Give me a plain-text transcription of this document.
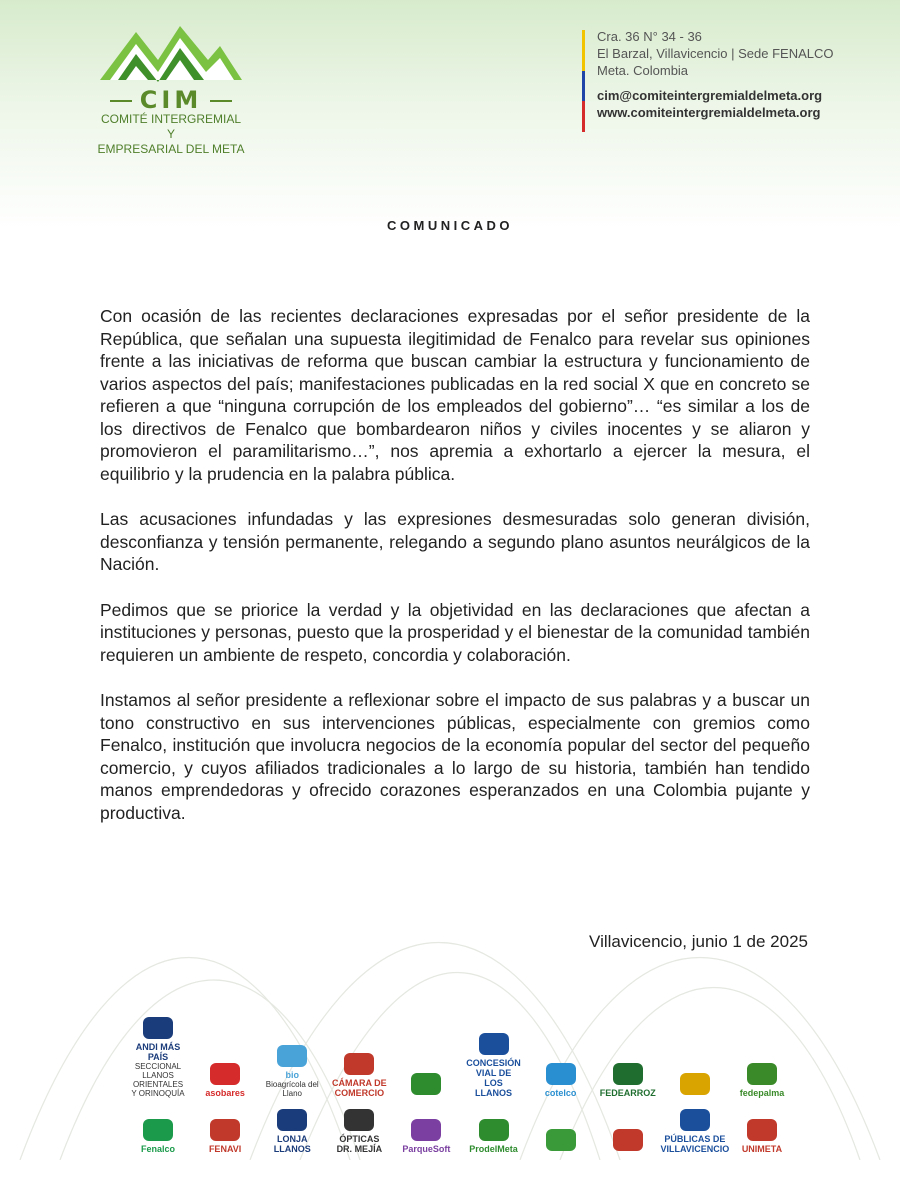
CIM
COMITÉ INTERGREMIAL Y
EMPRESARIAL DEL META
Cra. 36 N° 34 - 36
El Barzal, Villavicencio | Sede FENALCO
Meta. Colombia
cim@comiteintergremialdelmeta.org
www.comiteintergremialdelmeta.org
COMUNICADO

Con ocasión de las recientes declaraciones expresadas por el señor presidente de la República, que señalan una supuesta ilegitimidad de Fenalco para revelar sus opiniones frente a las iniciativas de reforma que buscan cambiar la estructura y funcionamiento de varios aspectos del país; manifestaciones publicadas en la red social X que en concreto se refieren a que “ninguna corrupción de los empleados del gobierno”… “es similar a los de los directivos de Fenalco que bombardearon niños y civiles inocentes y se aliaron y promovieron el paramilitarismo…”, nos apremia a exhortarlo a ejercer la mesura, el equilibrio y la prudencia en la palabra pública.

Las acusaciones infundadas y las expresiones desmesuradas solo generan división, desconfianza y tensión permanente, relegando a segundo plano asuntos neurálgicos de la Nación.

Pedimos que se priorice la verdad y la objetividad en las declaraciones que afectan a instituciones y personas, puesto que la prosperidad y el bienestar de la comunidad también requieren un ambiente de respeto, concordia y colaboración.

Instamos al señor presidente a reflexionar sobre el impacto de sus palabras y a buscar un tono constructivo en sus intervenciones públicas, especialmente con gremios como Fenalco, institución que involucra negocios de la economía popular del sector del pequeño comercio, y cuyos afiliados tradicionales a lo largo de su historia, también han tendido manos emprendedoras y ofrecido corazones esperanzados en una Colombia pujante y productiva.

Villavicencio, junio 1 de 2025
ANDI MÁS PAÍS
SECCIONAL LLANOS ORIENTALES Y ORINOQUÍA asobares
bio
Bioagrícola del Llano
CÁMARA DE COMERCIO
CONCESIÓN VIAL DE LOS LLANOS	cotelco	FEDEARROZ	fedepalma
Fenalco	FENAVI
LONJA LLANOS
ÓPTICAS DR. MEJÍA	ParqueSoft ProdelMeta
PÚBLICAS DE VILLAVICENCIO UNIMETA
